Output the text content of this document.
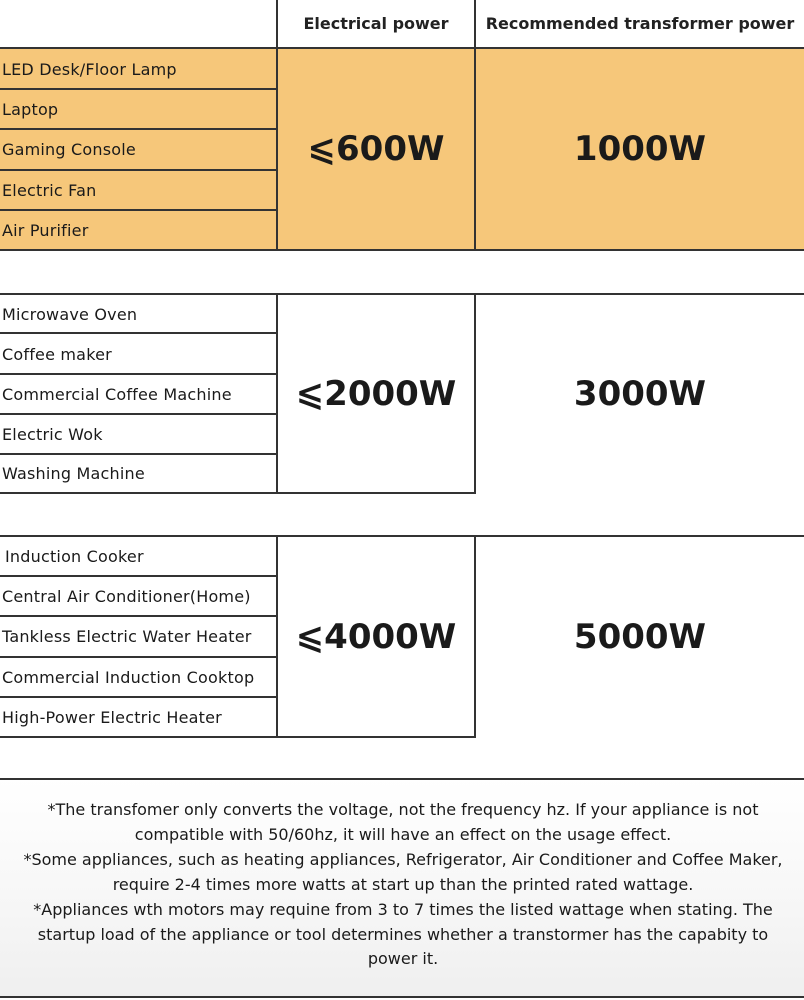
Electrical power	Recommended transformer power
LED Desk/Floor Lamp
Laptop
Gaming Console
Electric Fan
Air Purifier
⩽600W	1000W
Microwave Oven
Coffee maker
Commercial Coffee Machine
Electric Wok
Washing Machine
⩽2000W	3000W
Induction Cooker
Central Air Conditioner(Home)
Tankless Electric Water Heater
Commercial Induction Cooktop
High-Power Electric Heater
⩽4000W	5000W
*The transfomer only converts the voltage, not the frequency hz. If your appliance is not compatible with 50/60hz, it will have an effect on the usage effect.
*Some appliances, such as heating appliances, Refrigerator, Air Conditioner and Coffee Maker, require 2-4 times more watts at start up than the printed rated wattage.
*Appliances wth motors may requine from 3 to 7 times the listed wattage when stating. The startup load of the appliance or tool determines whether a transtormer has the capabity to power it.
